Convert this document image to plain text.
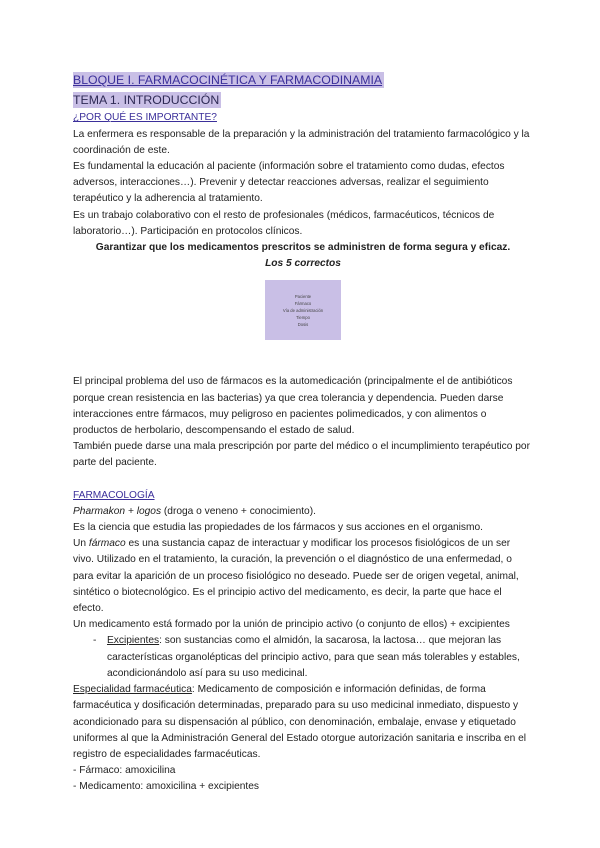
BLOQUE I. FARMACOCINÉTICA Y FARMACODINAMIA
TEMA 1. INTRODUCCIÓN

¿POR QUÉ ES IMPORTANTE?

La enfermera es responsable de la preparación y la administración del tratamiento farmacológico y la coordinación de este.

Es fundamental la educación al paciente (información sobre el tratamiento como dudas, efectos adversos, interacciones…). Prevenir y detectar reacciones adversas, realizar el seguimiento terapéutico y la adherencia al tratamiento.

Es un trabajo colaborativo con el resto de profesionales (médicos, farmacéuticos, técnicos de laboratorio…). Participación en protocolos clínicos.

Garantizar que los medicamentos prescritos se administren de forma segura y eficaz.

Los 5 correctos

Paciente
Fármaco
Vía de administración
Tiempo
Dosis

El principal problema del uso de fármacos es la automedicación (principalmente el de antibióticos porque crean resistencia en las bacterias) ya que crea tolerancia y dependencia. Pueden darse interacciones entre fármacos, muy peligroso en pacientes polimedicados, y con alimentos o productos de herbolario, descompensando el estado de salud.

También puede darse una mala prescripción por parte del médico o el incumplimiento terapéutico por parte del paciente.

FARMACOLOGÍA

Pharmakon + logos (droga o veneno + conocimiento).

Es la ciencia que estudia las propiedades de los fármacos y sus acciones en el organismo.

Un fármaco es una sustancia capaz de interactuar y modificar los procesos fisiológicos de un ser vivo. Utilizado en el tratamiento, la curación, la prevención o el diagnóstico de una enfermedad, o para evitar la aparición de un proceso fisiológico no deseado. Puede ser de origen vegetal, animal, sintético o biotecnológico. Es el principio activo del medicamento, es decir, la parte que hace el efecto.

Un medicamento está formado por la unión de principio activo (o conjunto de ellos) + excipientes

- Excipientes: son sustancias como el almidón, la sacarosa, la lactosa… que mejoran las características organolépticas del principio activo, para que sean más tolerables y estables, acondicionándolo así para su uso medicinal.

Especialidad farmacéutica: Medicamento de composición e información definidas, de forma farmacéutica y dosificación determinadas, preparado para su uso medicinal inmediato, dispuesto y acondicionado para su dispensación al público, con denominación, embalaje, envase y etiquetado uniformes al que la Administración General del Estado otorgue autorización sanitaria e inscriba en el registro de especialidades farmacéuticas.

- Fármaco: amoxicilina

- Medicamento: amoxicilina + excipientes
